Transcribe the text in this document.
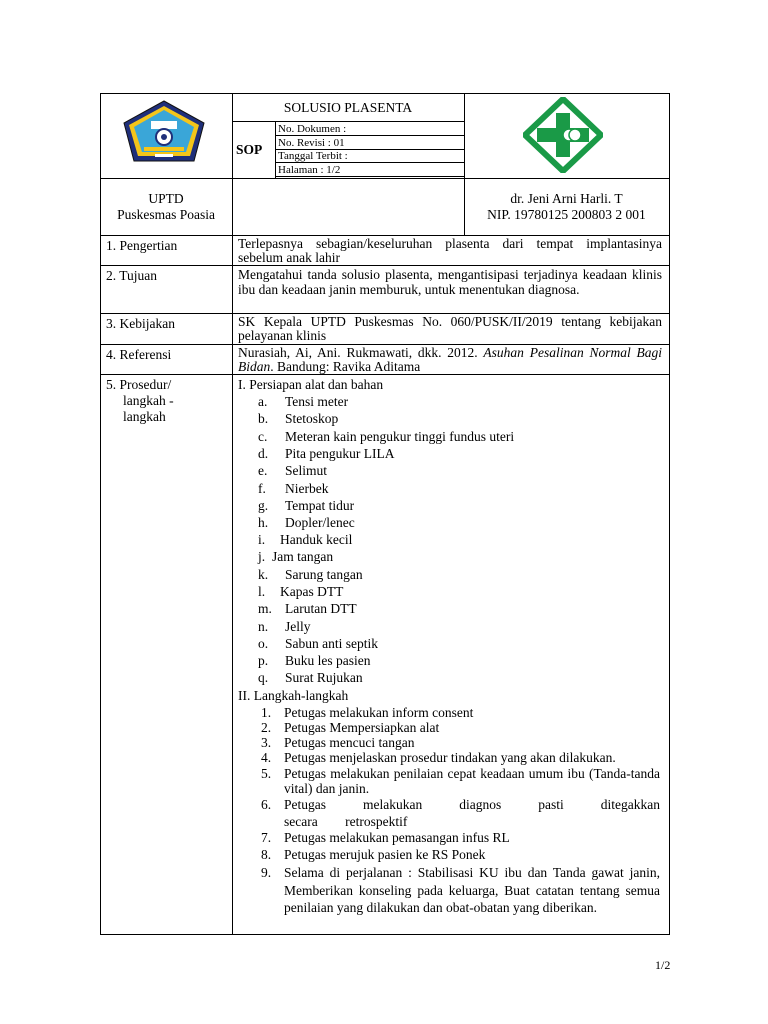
SOLUSIO PLASENTA
SOP
No. Dokumen :
No. Revisi : 01
Tanggal Terbit :
Halaman : 1/2
UPTD
Puskesmas Poasia
dr. Jeni Arni Harli. T
NIP. 19780125 200803 2 001
1. Pengertian	Terlepasnya sebagian/keseluruhan plasenta dari tempat implantasinya sebelum anak lahir
2. Tujuan	Mengatahui tanda solusio plasenta, mengantisipasi terjadinya keadaan klinis ibu dan keadaan janin memburuk, untuk menentukan diagnosa.
3. Kebijakan	SK Kepala UPTD Puskesmas No. 060/PUSK/II/2019 tentang kebijakan pelayanan klinis
4. Referensi	Nurasiah, Ai, Ani. Rukmawati, dkk. 2012. Asuhan Pesalinan Normal Bagi Bidan. Bandung: Ravika Aditama
5. Prosedur/
langkah -
langkah
I. Persiapan alat dan bahan
a. Tensi meter
b. Stetoskop
c. Meteran kain pengukur tinggi fundus uteri
d. Pita pengukur LILA
e. Selimut
f. Nierbek
g. Tempat tidur
h. Dopler/lenec
i. Handuk kecil
j. Jam tangan
k. Sarung tangan
l. Kapas DTT
m. Larutan DTT
n. Jelly
o. Sabun anti septik
p. Buku les pasien
q. Surat Rujukan
II. Langkah-langkah
1. Petugas melakukan inform consent
2. Petugas Mempersiapkan alat
3. Petugas mencuci tangan
4. Petugas menjelaskan prosedur tindakan yang akan dilakukan.
5. Petugas melakukan penilaian cepat keadaan umum ibu (Tanda-tanda vital) dan janin.
6. Petugas melakukan diagnos pasti ditegakkan secara retrospektif
7. Petugas melakukan pemasangan infus RL
8. Petugas merujuk pasien ke RS Ponek
9. Selama di perjalanan : Stabilisasi KU ibu dan Tanda gawat janin, Memberikan konseling pada keluarga, Buat catatan tentang semua penilaian yang dilakukan dan obat-obatan yang diberikan.
1/2
